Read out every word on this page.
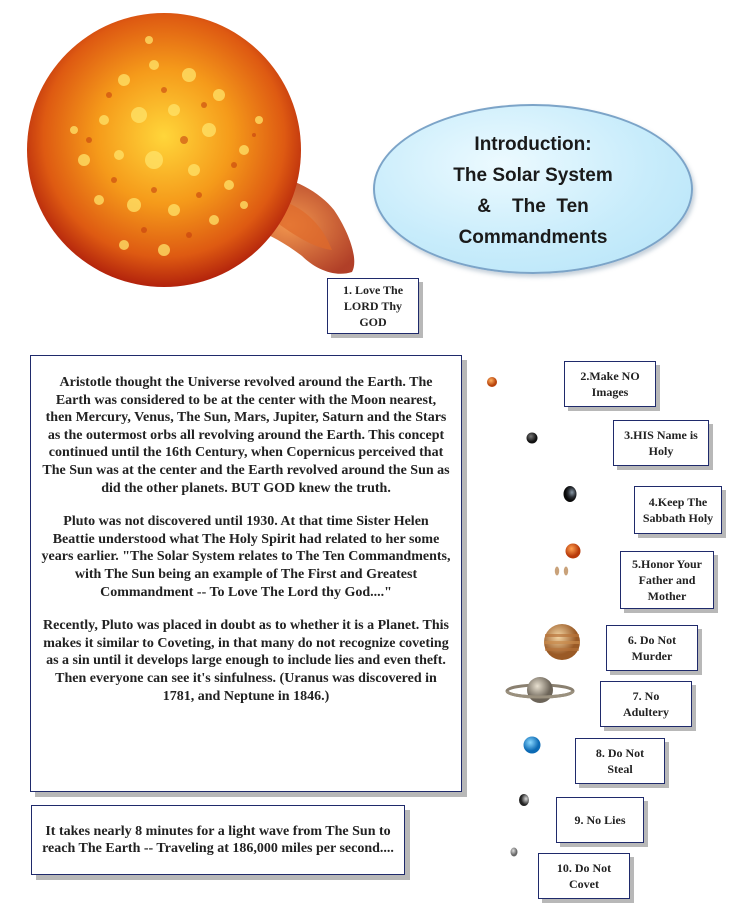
Introduction:
The Solar System
&    The  Ten
Commandments
1. Love The LORD Thy GOD

Aristotle thought the Universe revolved around the Earth. The Earth was considered to be at the center with the Moon nearest, then Mercury, Venus, The Sun, Mars, Jupiter, Saturn and the Stars as the outermost orbs all revolving around the Earth. This concept continued until the 16th Century, when Copernicus perceived that The Sun was at the center and the Earth revolved around the Sun as did the other planets. BUT GOD knew the truth.

Pluto was not discovered until 1930. At that time Sister Helen Beattie understood what The Holy Spirit had related to her some years earlier. "The Solar System relates to The Ten Commandments, with The Sun being an example of The First and Greatest Commandment -- To Love The Lord thy God...."

Recently, Pluto was placed in doubt as to whether it is a Planet. This makes it similar to Coveting, in that many do not recognize coveting as a sin until it develops large enough to include lies and even theft. Then everyone can see it's sinfulness. (Uranus was discovered in 1781, and Neptune in 1846.)

It takes nearly 8 minutes for a light wave from The Sun to reach The Earth -- Traveling at 186,000 miles per second....
2.Make NO Images
3.HIS Name is Holy
4.Keep The Sabbath Holy
5.Honor Your Father and Mother
6. Do Not Murder
7. No Adultery
8. Do Not Steal
9. No Lies
10. Do Not Covet
